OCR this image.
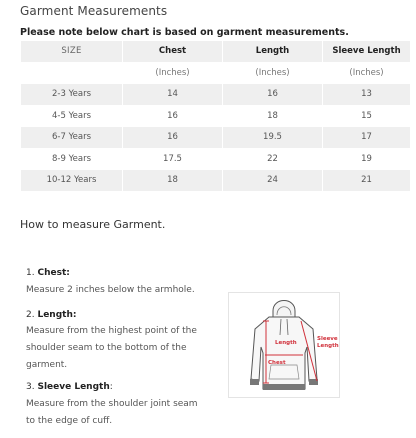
Garment Measurements
Please note below chart is based on garment measurements.
SIZE	Chest	Length	Sleeve Length
	(Inches)	(Inches)	(Inches)
2-3 Years	14	16	13
4-5 Years	16	18	15
6-7 Years	16	19.5	17
8-9 Years	17.5	22	19
10-12 Years	18	24	21
How to measure Garment.
1. Chest:
Measure 2 inches below the armhole.
2. Length:
Measure from the highest point of the
shoulder seam to the bottom of the
garment.
3. Sleeve Length:
Measure from the shoulder joint seam
to the edge of cuff.
Length
Chest
Sleeve
Length
